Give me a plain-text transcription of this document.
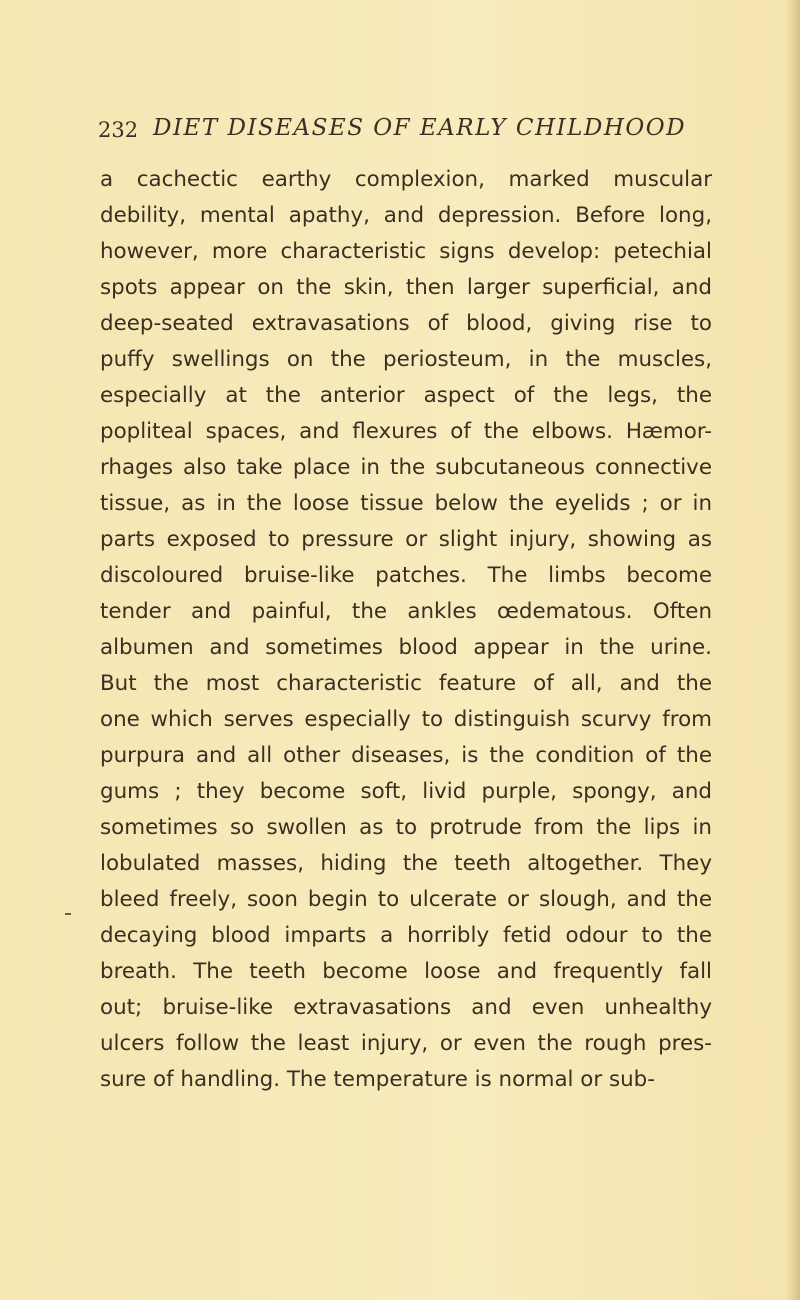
232 DIET DISEASES OF EARLY CHILDHOOD
a cachectic earthy complexion, marked muscular
debility, mental apathy, and depression. Before long,
however, more characteristic signs develop: petechial
spots appear on the skin, then larger superficial, and
deep-seated extravasations of blood, giving rise to
puffy swellings on the periosteum, in the muscles,
especially at the anterior aspect of the legs, the
popliteal spaces, and flexures of the elbows. Hæmor-
rhages also take place in the subcutaneous connective
tissue, as in the loose tissue below the eyelids ; or in
parts exposed to pressure or slight injury, showing as
discoloured bruise-like patches. The limbs become
tender and painful, the ankles œdematous. Often
albumen and sometimes blood appear in the urine.
But the most characteristic feature of all, and the
one which serves especially to distinguish scurvy from
purpura and all other diseases, is the condition of the
gums ; they become soft, livid purple, spongy, and
sometimes so swollen as to protrude from the lips in
lobulated masses, hiding the teeth altogether. They
bleed freely, soon begin to ulcerate or slough, and the
decaying blood imparts a horribly fetid odour to the
breath. The teeth become loose and frequently fall
out; bruise-like extravasations and even unhealthy
ulcers follow the least injury, or even the rough pres-
sure of handling. The temperature is normal or sub-
